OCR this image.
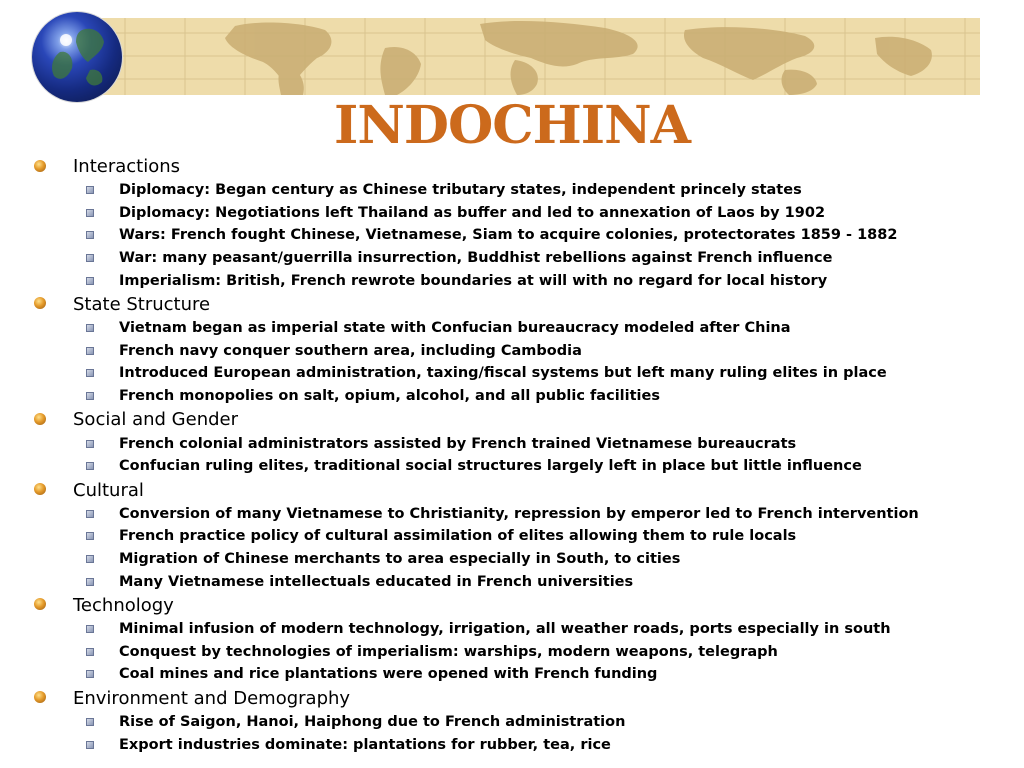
INDOCHINA
Interactions
Diplomacy: Began century as Chinese tributary states, independent princely states
Diplomacy: Negotiations left Thailand as buffer and led to annexation of Laos by 1902
Wars: French fought Chinese, Vietnamese, Siam to acquire colonies, protectorates 1859 - 1882
War: many peasant/guerrilla insurrection, Buddhist rebellions against French influence
Imperialism: British, French rewrote boundaries at will with no regard for local history
State Structure
Vietnam began as imperial state with Confucian bureaucracy modeled after China
French navy conquer southern area, including Cambodia
Introduced European administration, taxing/fiscal systems but left many ruling elites in place
French monopolies on salt, opium, alcohol, and all public facilities
Social and Gender
French colonial administrators assisted by French trained Vietnamese bureaucrats
Confucian ruling elites, traditional social structures largely left in place but little influence
Cultural
Conversion of many Vietnamese to Christianity, repression by emperor led to French intervention
French practice policy of cultural assimilation of elites allowing them to rule locals
Migration of Chinese merchants to area especially in South, to cities
Many Vietnamese intellectuals educated in French universities
Technology
Minimal infusion of modern technology, irrigation, all weather roads, ports especially in south
Conquest by technologies of imperialism: warships, modern weapons, telegraph
Coal mines and rice plantations were opened with French funding
Environment and Demography
Rise of Saigon, Hanoi, Haiphong due to French administration
Export industries dominate: plantations for rubber, tea, rice
